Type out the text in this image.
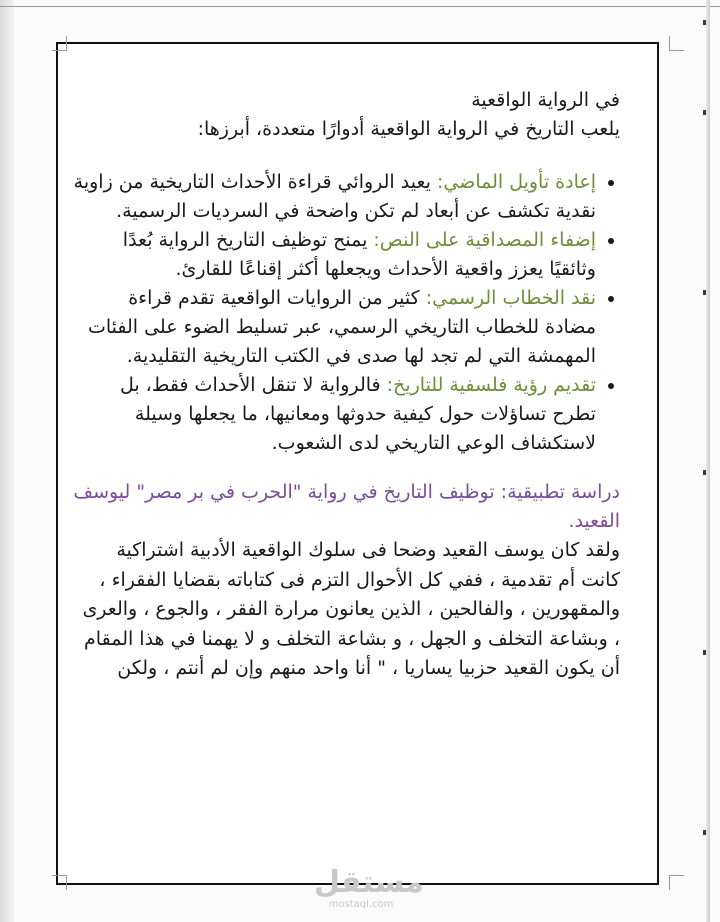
في الرواية الواقعية
يلعب التاريخ في الرواية الواقعية أدوارًا متعددة، أبرزها:
• إعادة تأويل الماضي: يعيد الروائي قراءة الأحداث التاريخية من زاوية نقدية تكشف عن أبعاد لم تكن واضحة في السرديات الرسمية.
• إضفاء المصداقية على النص: يمنح توظيف التاريخ الرواية بُعدًا وثائقيًا يعزز واقعية الأحداث ويجعلها أكثر إقناعًا للقارئ.
• نقد الخطاب الرسمي: كثير من الروايات الواقعية تقدم قراءة مضادة للخطاب التاريخي الرسمي، عبر تسليط الضوء على الفئات المهمشة التي لم تجد لها صدى في الكتب التاريخية التقليدية.
• تقديم رؤية فلسفية للتاريخ: فالرواية لا تنقل الأحداث فقط، بل تطرح تساؤلات حول كيفية حدوثها ومعانيها، ما يجعلها وسيلة لاستكشاف الوعي التاريخي لدى الشعوب.
دراسة تطبيقية: توظيف التاريخ في رواية "الحرب في بر مصر" ليوسف القعيد.

ولقد كان يوسف القعيد وضحا فى سلوك الواقعية الأدبية اشتراكية كانت أم تقدمية ، ففي كل الأحوال التزم فى كتاباته بقضايا الفقراء ، والمقهورين ، والفالحين ، الذين يعانون مرارة الفقر ، والجوع ، والعرى ، وبشاعة التخلف و الجهل ، و بشاعة التخلف و لا يهمنا في هذا المقام أن يكون القعيد حزبيا يساريا ، " أنا واحد منهم وإن لم أنتم ، ولكن

مستقل
mostaql.com
